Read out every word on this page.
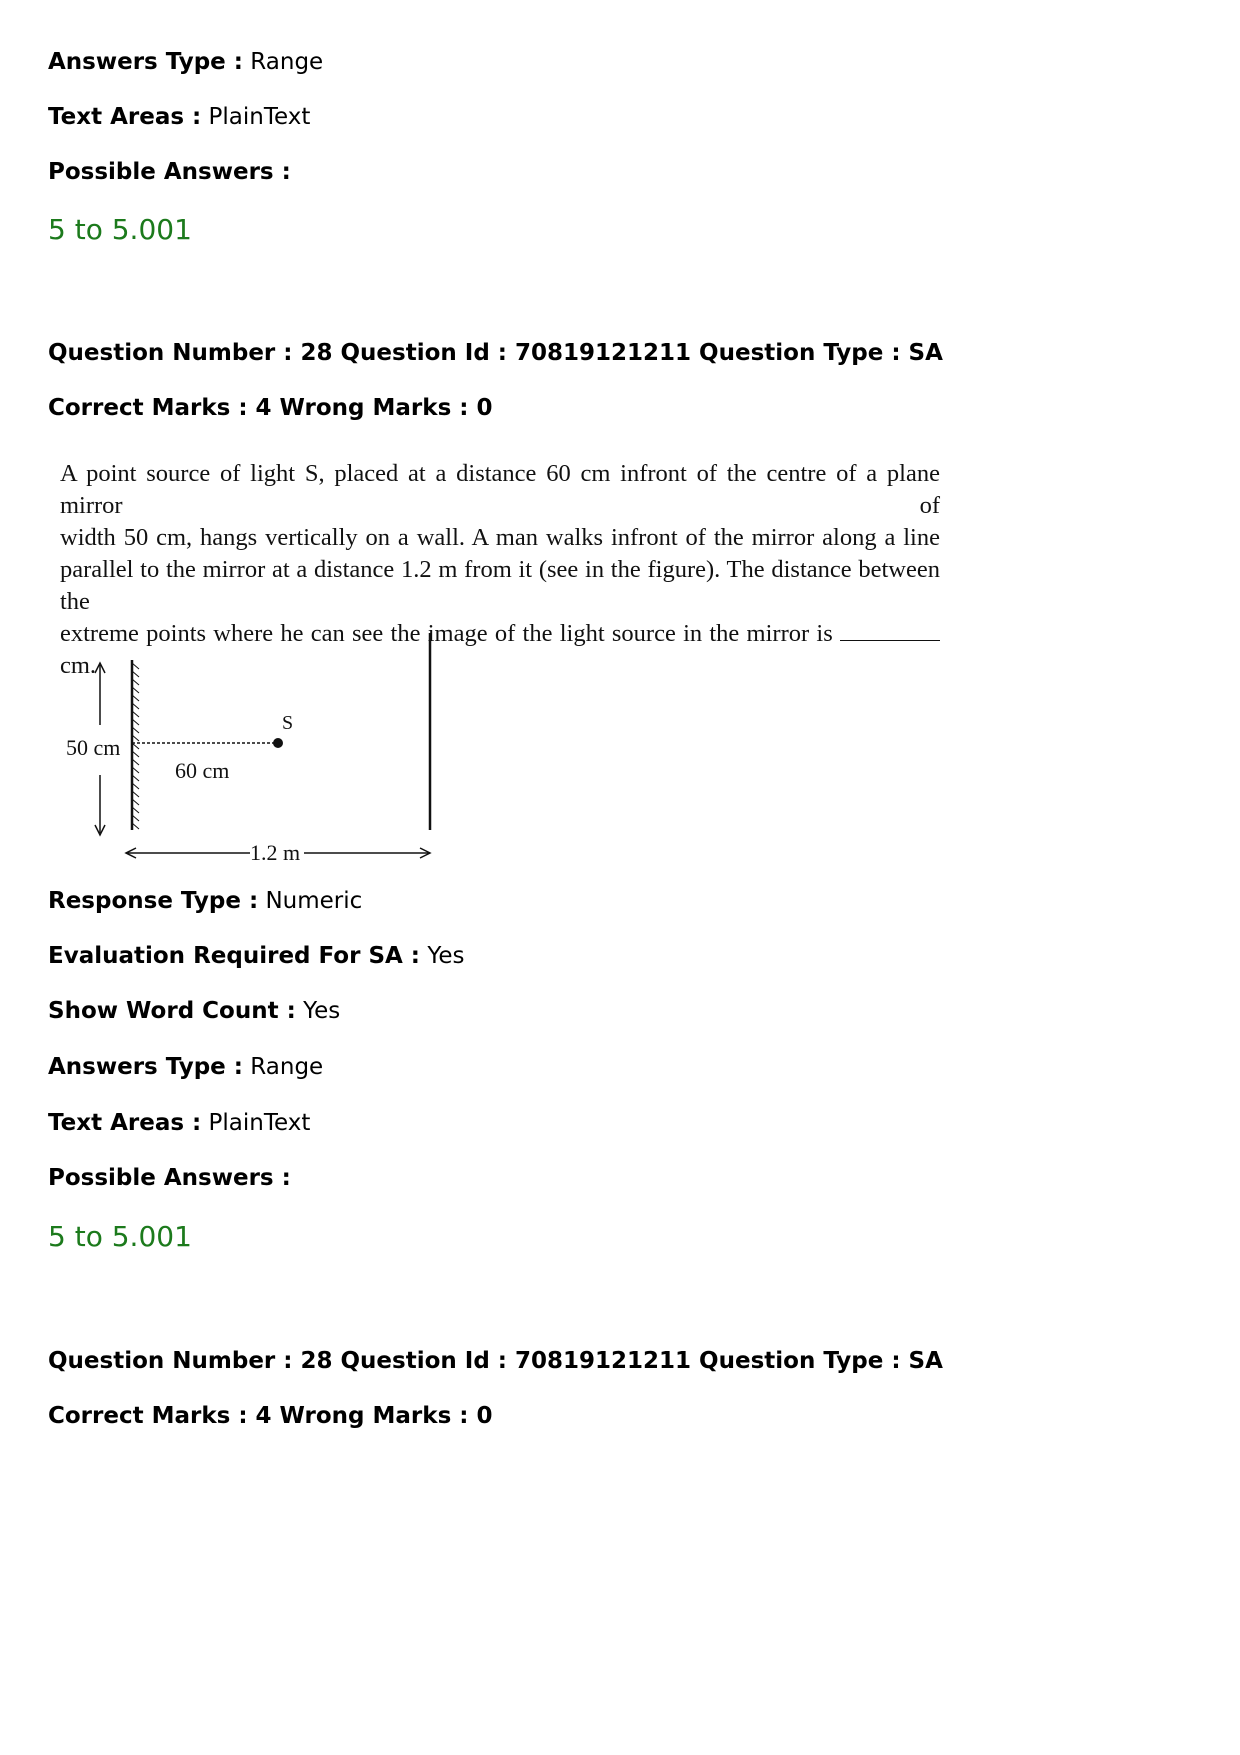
Answers Type : Range
Text Areas : PlainText
Possible Answers :
5 to 5.001
Question Number : 28 Question Id : 70819121211 Question Type : SA
Correct Marks : 4 Wrong Marks : 0
A point source of light S, placed at a distance 60 cm infront of the centre of a plane mirror of
width 50 cm, hangs vertically on a wall. A man walks infront of the mirror along a line
parallel to the mirror at a distance 1.2 m from it (see in the figure). The distance between the
extreme points where he can see the image of the light source in the mirror is  cm.
50 cm
S
60 cm
1.2 m
Response Type : Numeric
Evaluation Required For SA : Yes
Show Word Count : Yes
Answers Type : Range
Text Areas : PlainText
Possible Answers :
5 to 5.001
Question Number : 28 Question Id : 70819121211 Question Type : SA
Correct Marks : 4 Wrong Marks : 0
